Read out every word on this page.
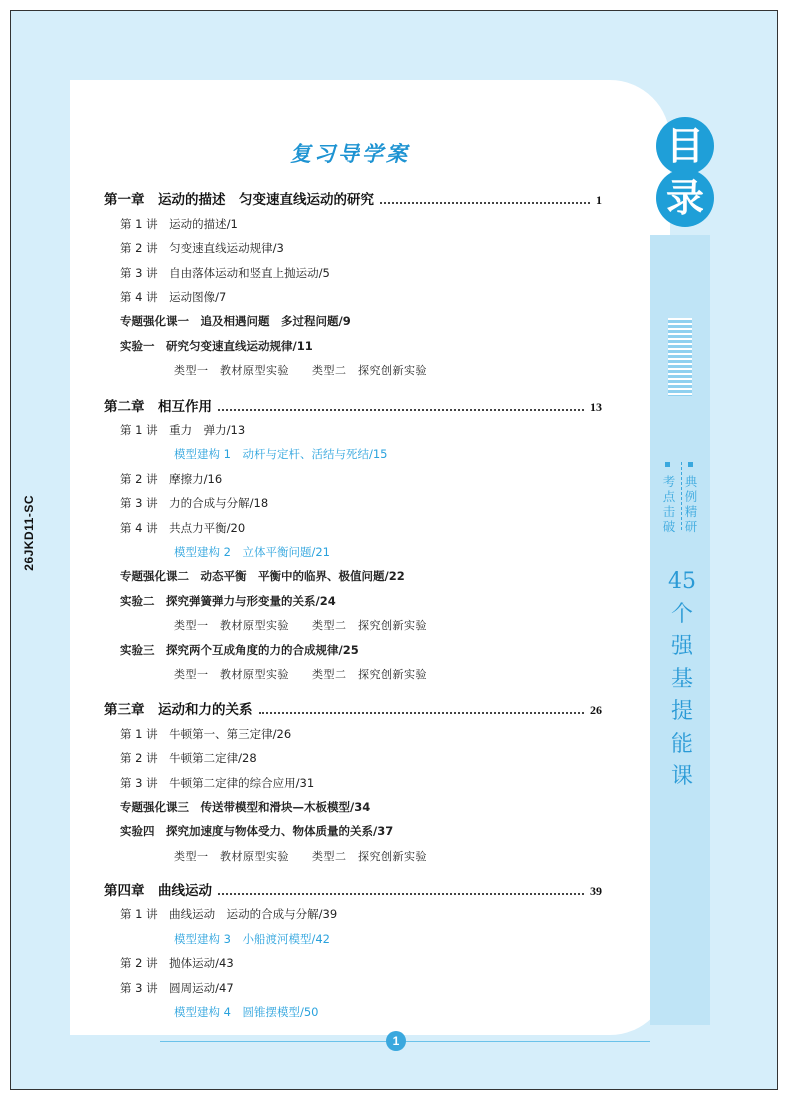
26JKD11-SC
目
录
考
点
击
破
典
例
精
研
45
个
强
基
提
能
课
复习导学案
第一章　运动的描述　匀变速直线运动的研究	1
第 1 讲　运动的描述/1
第 2 讲　匀变速直线运动规律/3
第 3 讲　自由落体运动和竖直上抛运动/5
第 4 讲　运动图像/7
专题强化课一　追及相遇问题　多过程问题/9
实验一　研究匀变速直线运动规律/11
类型一　教材原型实验　　类型二　探究创新实验
第二章　相互作用	13
第 1 讲　重力　弹力/13
模型建构 1　动杆与定杆、活结与死结/15
第 2 讲　摩擦力/16
第 3 讲　力的合成与分解/18
第 4 讲　共点力平衡/20
模型建构 2　立体平衡问题/21
专题强化课二　动态平衡　平衡中的临界、极值问题/22
实验二　探究弹簧弹力与形变量的关系/24
类型一　教材原型实验　　类型二　探究创新实验
实验三　探究两个互成角度的力的合成规律/25
类型一　教材原型实验　　类型二　探究创新实验
第三章　运动和力的关系	26
第 1 讲　牛顿第一、第三定律/26
第 2 讲　牛顿第二定律/28
第 3 讲　牛顿第二定律的综合应用/31
专题强化课三　传送带模型和滑块—木板模型/34
实验四　探究加速度与物体受力、物体质量的关系/37
类型一　教材原型实验　　类型二　探究创新实验
第四章　曲线运动	39
第 1 讲　曲线运动　运动的合成与分解/39
模型建构 3　小船渡河模型/42
第 2 讲　抛体运动/43
第 3 讲　圆周运动/47
模型建构 4　圆锥摆模型/50
1
